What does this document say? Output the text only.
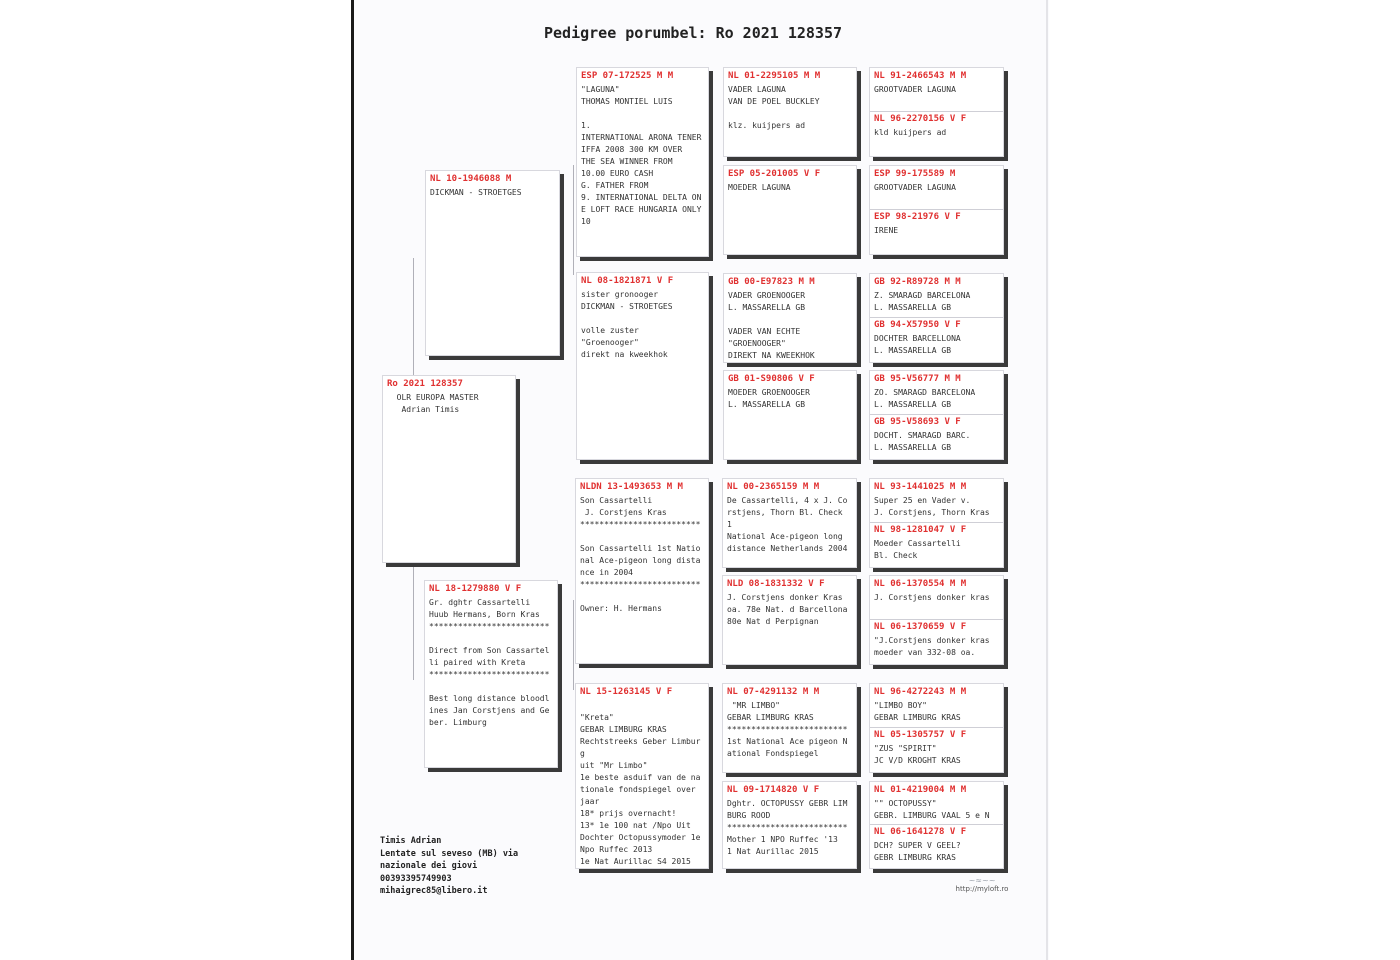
Pedigree porumbel: Ro 2021 128357
Ro 2021 128357
OLR EUROPA MASTER
Adrian Timis
NL 10-1946088 M
DICKMAN - STROETGES
NL 18-1279880 V F
Gr. dghtr Cassartelli
Huub Hermans, Born Kras
*************************

Direct from Son Cassartelli paired with Kreta
*************************

Best long distance bloodlines Jan Corstjens and Geber. Limburg
ESP 07-172525 M M
"LAGUNA"
THOMAS MONTIEL LUIS

1.
INTERNATIONAL ARONA TENERIFFA 2008 300 KM OVER
THE SEA WINNER FROM
10.00 EURO CASH
G. FATHER FROM
9. INTERNATIONAL DELTA ONE LOFT RACE HUNGARIA ONLY 10
NL 08-1821871 V F
sister gronooger
DICKMAN - STROETGES

volle zuster
"Groenooger"
direkt na kweekhok
NLDN 13-1493653 M M
Son Cassartelli
J. Corstjens Kras
*************************

Son Cassartelli 1st National Ace-pigeon long distance in 2004
*************************

Owner: H. Hermans
NL 15-1263145 V F

"Kreta"
GEBAR LIMBURG KRAS
Rechtstreeks Geber Limburg
uit "Mr Limbo"
1e beste asduif van de nationale fondspiegel over jaar
18* prijs overnacht!
13* 1e 100 nat /Npo Uit
Dochter Octopussymoder 1e Npo Ruffec 2013
1e Nat Aurillac S4 2015
NL 01-2295105 M M
VADER LAGUNA
VAN DE POEL BUCKLEY

klz. kuijpers ad
ESP 05-201005 V F
MOEDER LAGUNA
GB 00-E97823 M M
VADER GROENOOGER
L. MASSARELLA GB

VADER VAN ECHTE
"GROENOOGER"
DIREKT NA KWEEKHOK
GB 01-S90806 V F
MOEDER GROENOOGER
L. MASSARELLA GB
NL 00-2365159 M M
De Cassartelli, 4 x J. Corstjens, Thorn Bl. Check 1
National Ace-pigeon long distance Netherlands 2004
NLD 08-1831332 V F
J. Corstjens donker Kras oa. 78e Nat. d Barcellona
80e Nat d Perpignan
NL 07-4291132 M M
"MR LIMBO"
GEBAR LIMBURG KRAS
*************************
1st National Ace pigeon National Fondspiegel
NL 09-1714820 V F
Dghtr. OCTOPUSSY GEBR LIMBURG ROOD
*************************
Mother 1 NPO Ruffec '13
1 Nat Aurillac 2015
NL 91-2466543 M M
GROOTVADER LAGUNA
NL 96-2270156 V F
kld kuijpers ad
ESP 99-175589 M
GROOTVADER LAGUNA
ESP 98-21976 V F
IRENE
GB 92-R89728 M M
Z. SMARAGD BARCELONA
L. MASSARELLA GB
GB 94-X57950 V F
DOCHTER BARCELLONA
L. MASSARELLA GB
GB 95-V56777 M M
ZO. SMARAGD BARCELONA
L. MASSARELLA GB
GB 95-V58693 V F
DOCHT. SMARAGD BARC.
L. MASSARELLA GB
NL 93-1441025 M M
Super 25 en Vader v.
J. Corstjens, Thorn Kras
NL 98-1281047 V F
Moeder Cassartelli
Bl. Check
NL 06-1370554 M M
J. Corstjens donker kras
NL 06-1370659 V F
"J.Corstjens donker kras
moeder van 332-08 oa.
NL 96-4272243 M M
"LIMBO BOY"
GEBAR LIMBURG KRAS
NL 05-1305757 V F
"ZUS "SPIRIT"
JC V/D KROGHT KRAS
NL 01-4219004 M M
"" OCTOPUSSY"
GEBR. LIMBURG VAAL 5 e N
NL 06-1641278 V F
DCH? SUPER V GEEL?
GEBR LIMBURG KRAS
Timis Adrian
Lentate sul seveso (MB) via
nazionale dei giovi
00393395749903
mihaigrec85@libero.it
~≈~~
http://myloft.ro
